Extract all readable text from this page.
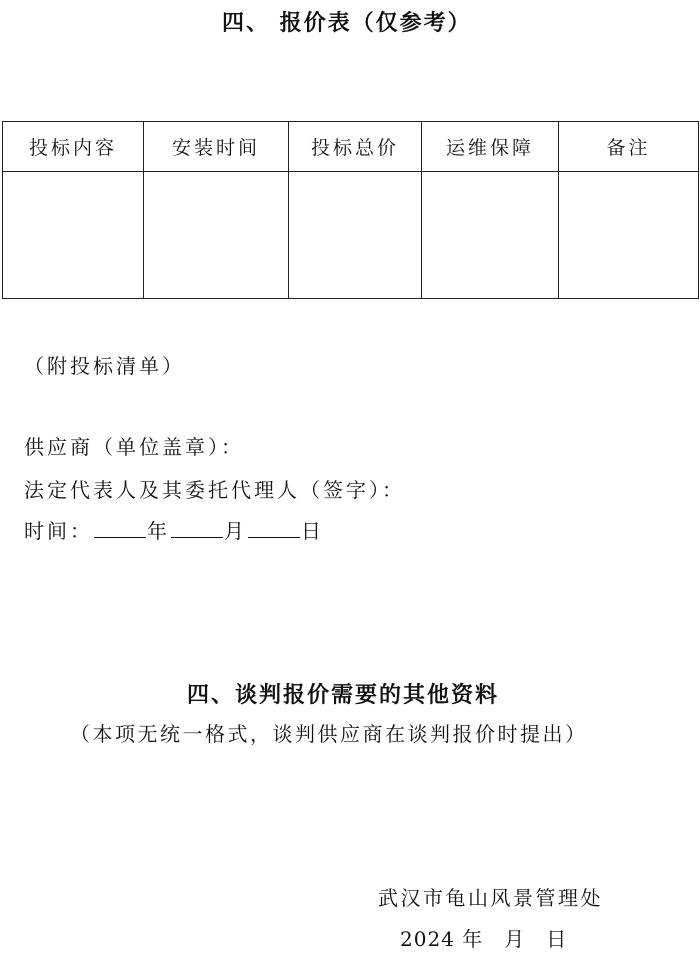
四、 报价表（仅参考）
投标内容	安装时间	投标总价	运维保障	备注

（附投标清单）
供应商（单位盖章）：
法定代表人及其委托代理人（签字）：
时间：	年	月	日
四、谈判报价需要的其他资料
（本项无统一格式，谈判供应商在谈判报价时提出）
武汉市龟山风景管理处
2024 年　月　日
